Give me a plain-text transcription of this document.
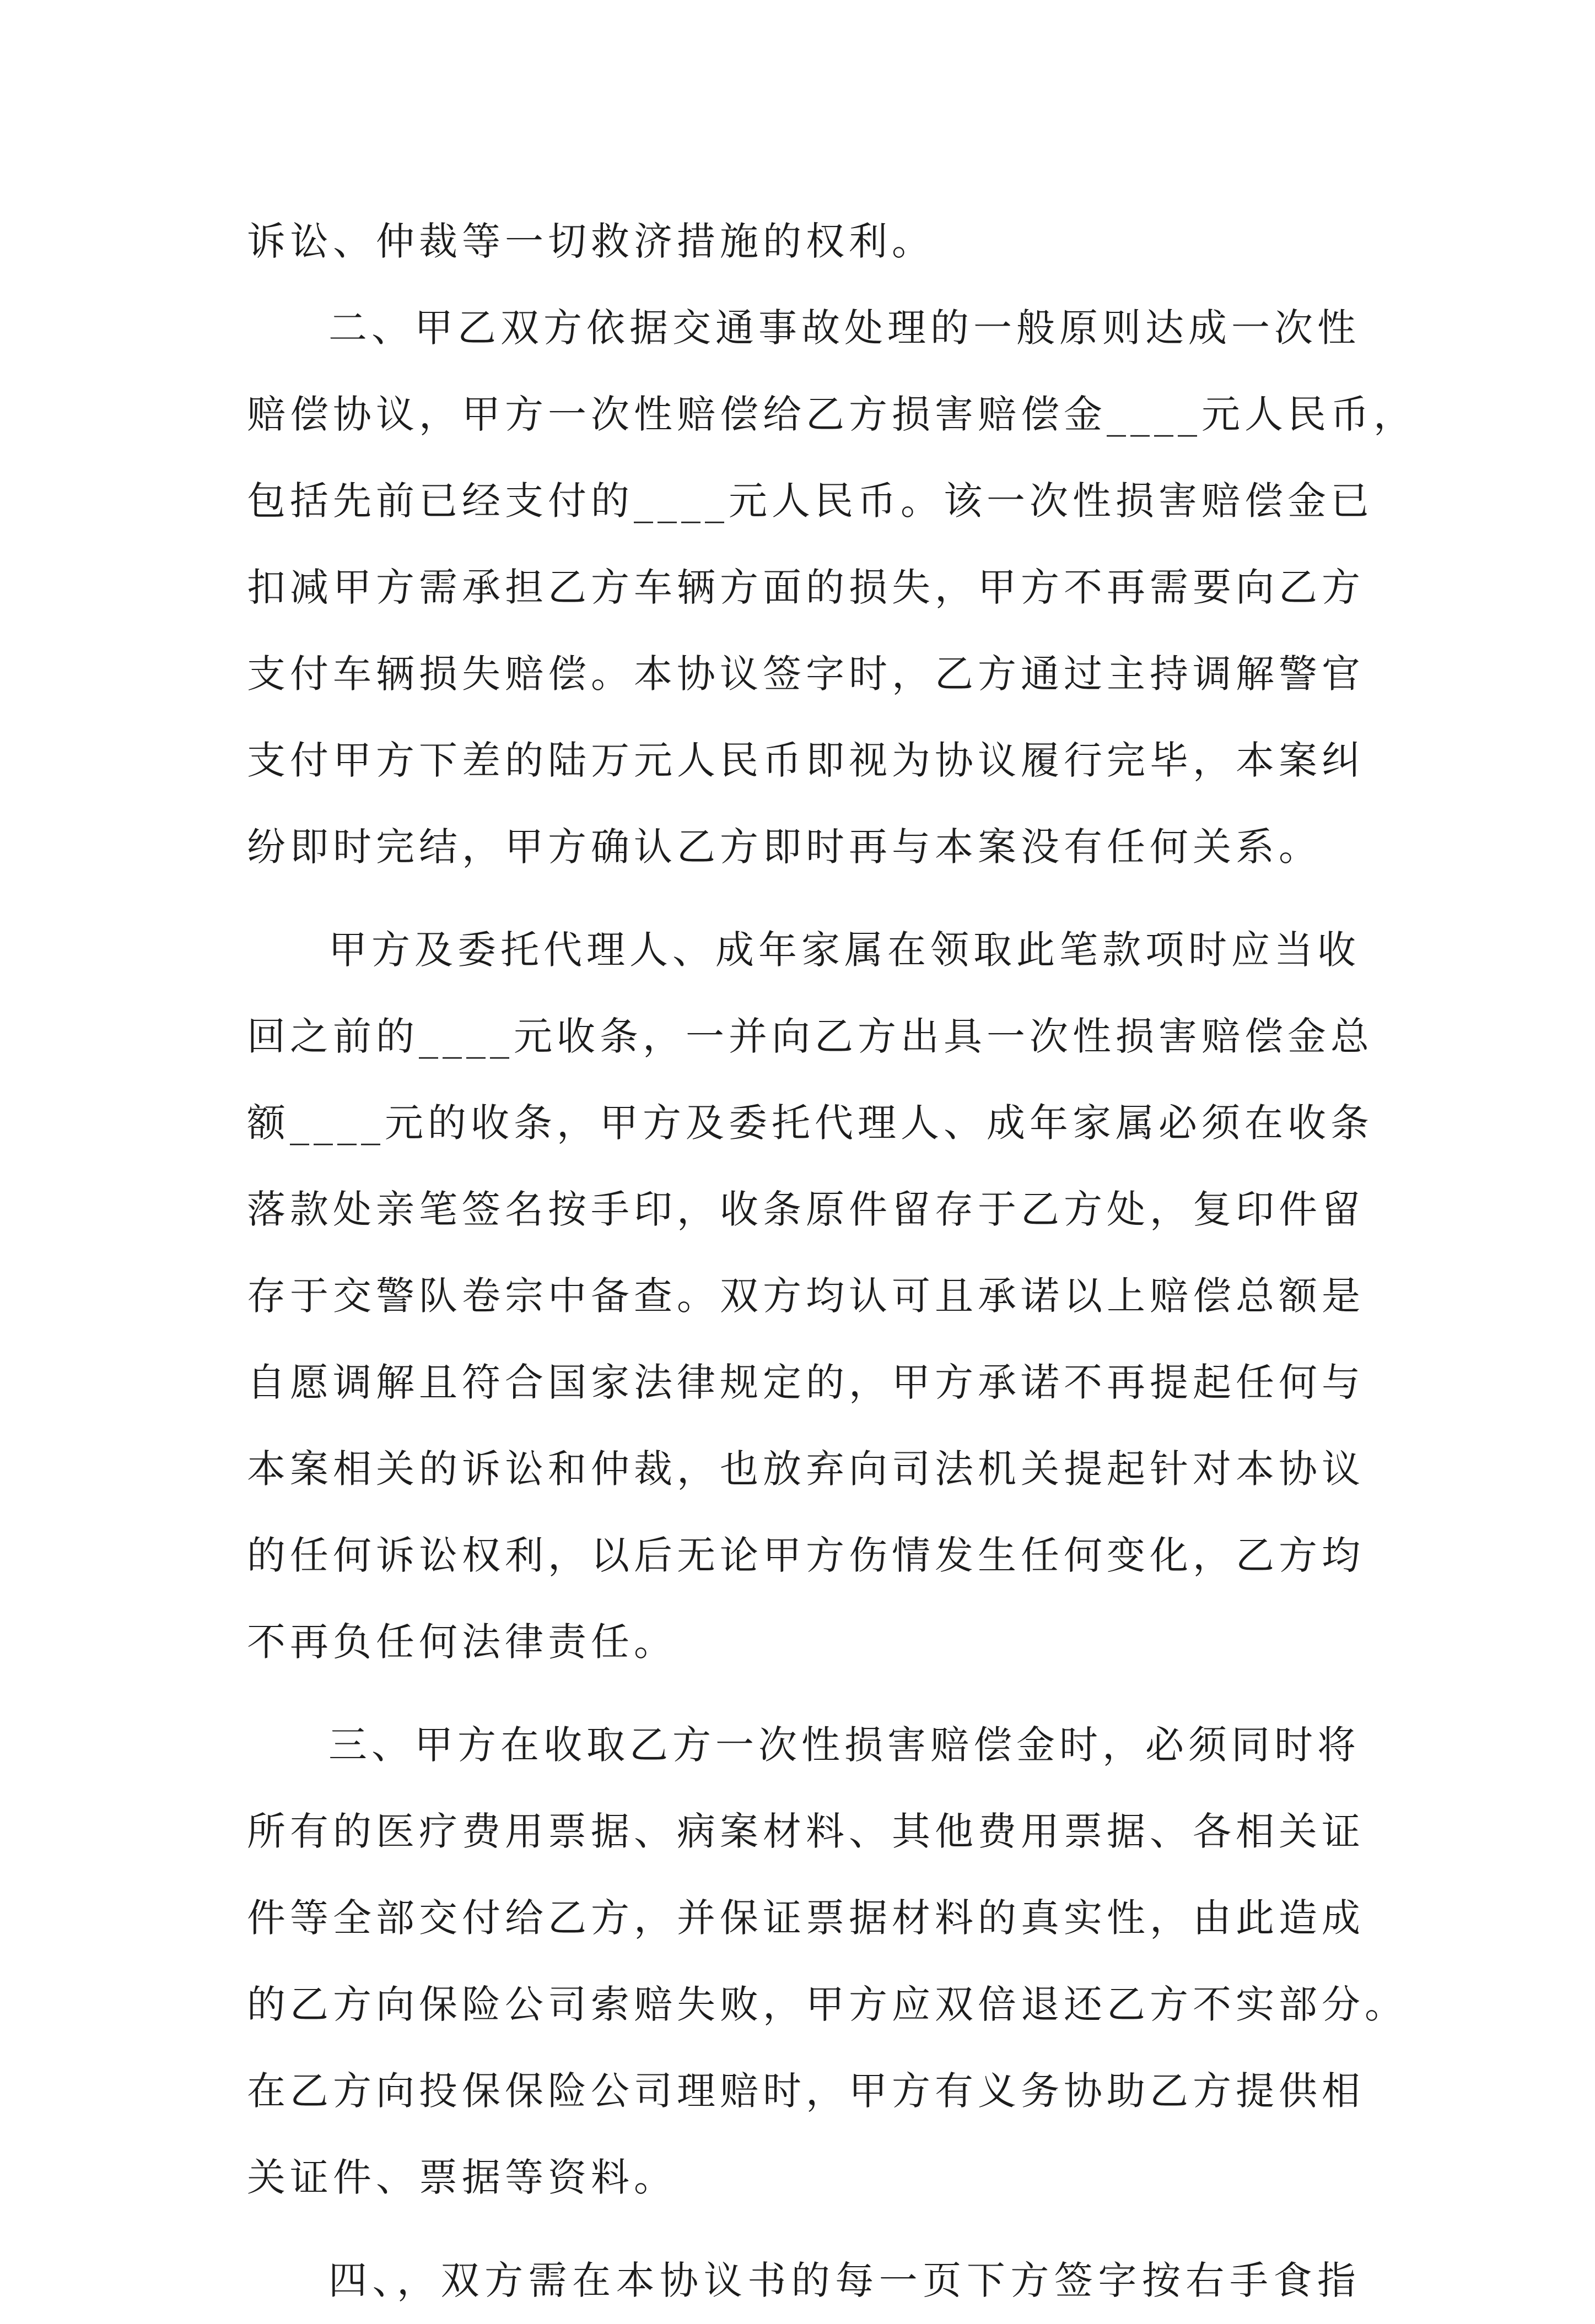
诉讼、仲裁等一切救济措施的权利。
二、甲乙双方依据交通事故处理的一般原则达成一次性
赔偿协议，甲方一次性赔偿给乙方损害赔偿金____元人民币，
包括先前已经支付的____元人民币。该一次性损害赔偿金已
扣减甲方需承担乙方车辆方面的损失，甲方不再需要向乙方
支付车辆损失赔偿。本协议签字时，乙方通过主持调解警官
支付甲方下差的陆万元人民币即视为协议履行完毕，本案纠
纷即时完结，甲方确认乙方即时再与本案没有任何关系。
甲方及委托代理人、成年家属在领取此笔款项时应当收
回之前的____元收条，一并向乙方出具一次性损害赔偿金总
额____元的收条，甲方及委托代理人、成年家属必须在收条
落款处亲笔签名按手印，收条原件留存于乙方处，复印件留
存于交警队卷宗中备查。双方均认可且承诺以上赔偿总额是
自愿调解且符合国家法律规定的，甲方承诺不再提起任何与
本案相关的诉讼和仲裁，也放弃向司法机关提起针对本协议
的任何诉讼权利，以后无论甲方伤情发生任何变化，乙方均
不再负任何法律责任。
三、甲方在收取乙方一次性损害赔偿金时，必须同时将
所有的医疗费用票据、病案材料、其他费用票据、各相关证
件等全部交付给乙方，并保证票据材料的真实性，由此造成
的乙方向保险公司索赔失败，甲方应双倍退还乙方不实部分。
在乙方向投保保险公司理赔时，甲方有义务协助乙方提供相
关证件、票据等资料。
四、，双方需在本协议书的每一页下方签字按右手食指
